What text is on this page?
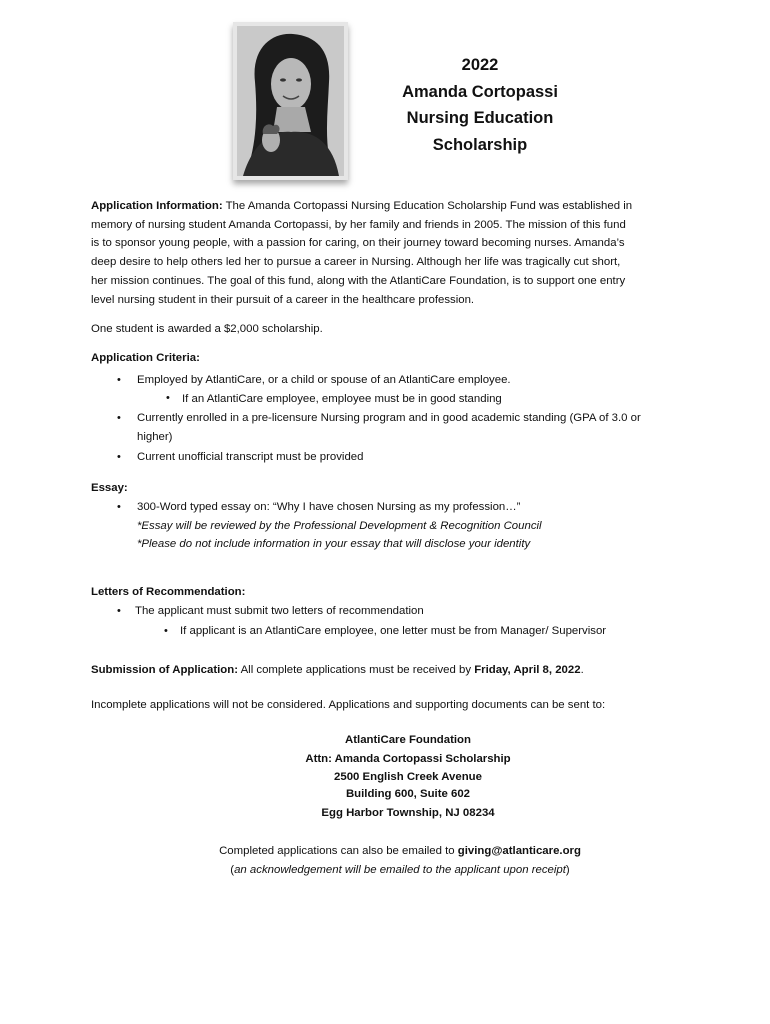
2022
Amanda Cortopassi
Nursing Education
Scholarship
Application Information: The Amanda Cortopassi Nursing Education Scholarship Fund was established in
memory of nursing student Amanda Cortopassi, by her family and friends in 2005. The mission of this fund
is to sponsor young people, with a passion for caring, on their journey toward becoming nurses. Amanda’s
deep desire to help others led her to pursue a career in Nursing. Although her life was tragically cut short,
her mission continues. The goal of this fund, along with the AtlantiCare Foundation, is to support one entry
level nursing student in their pursuit of a career in the healthcare profession.
One student is awarded a $2,000 scholarship.
Application Criteria:
• Employed by AtlantiCare, or a child or spouse of an AtlantiCare employee.
• If an AtlantiCare employee, employee must be in good standing
• Currently enrolled in a pre-licensure Nursing program and in good academic standing (GPA of 3.0 or
higher)
• Current unofficial transcript must be provided
Essay:
• 300-Word typed essay on: “Why I have chosen Nursing as my profession…”
*Essay will be reviewed by the Professional Development & Recognition Council
*Please do not include information in your essay that will disclose your identity
Letters of Recommendation:
• The applicant must submit two letters of recommendation
• If applicant is an AtlantiCare employee, one letter must be from Manager/ Supervisor
Submission of Application: All complete applications must be received by Friday, April 8, 2022.
Incomplete applications will not be considered. Applications and supporting documents can be sent to:
AtlantiCare Foundation
Attn: Amanda Cortopassi Scholarship
2500 English Creek Avenue
Building 600, Suite 602
Egg Harbor Township, NJ 08234
Completed applications can also be emailed to giving@atlanticare.org
(an acknowledgement will be emailed to the applicant upon receipt)
